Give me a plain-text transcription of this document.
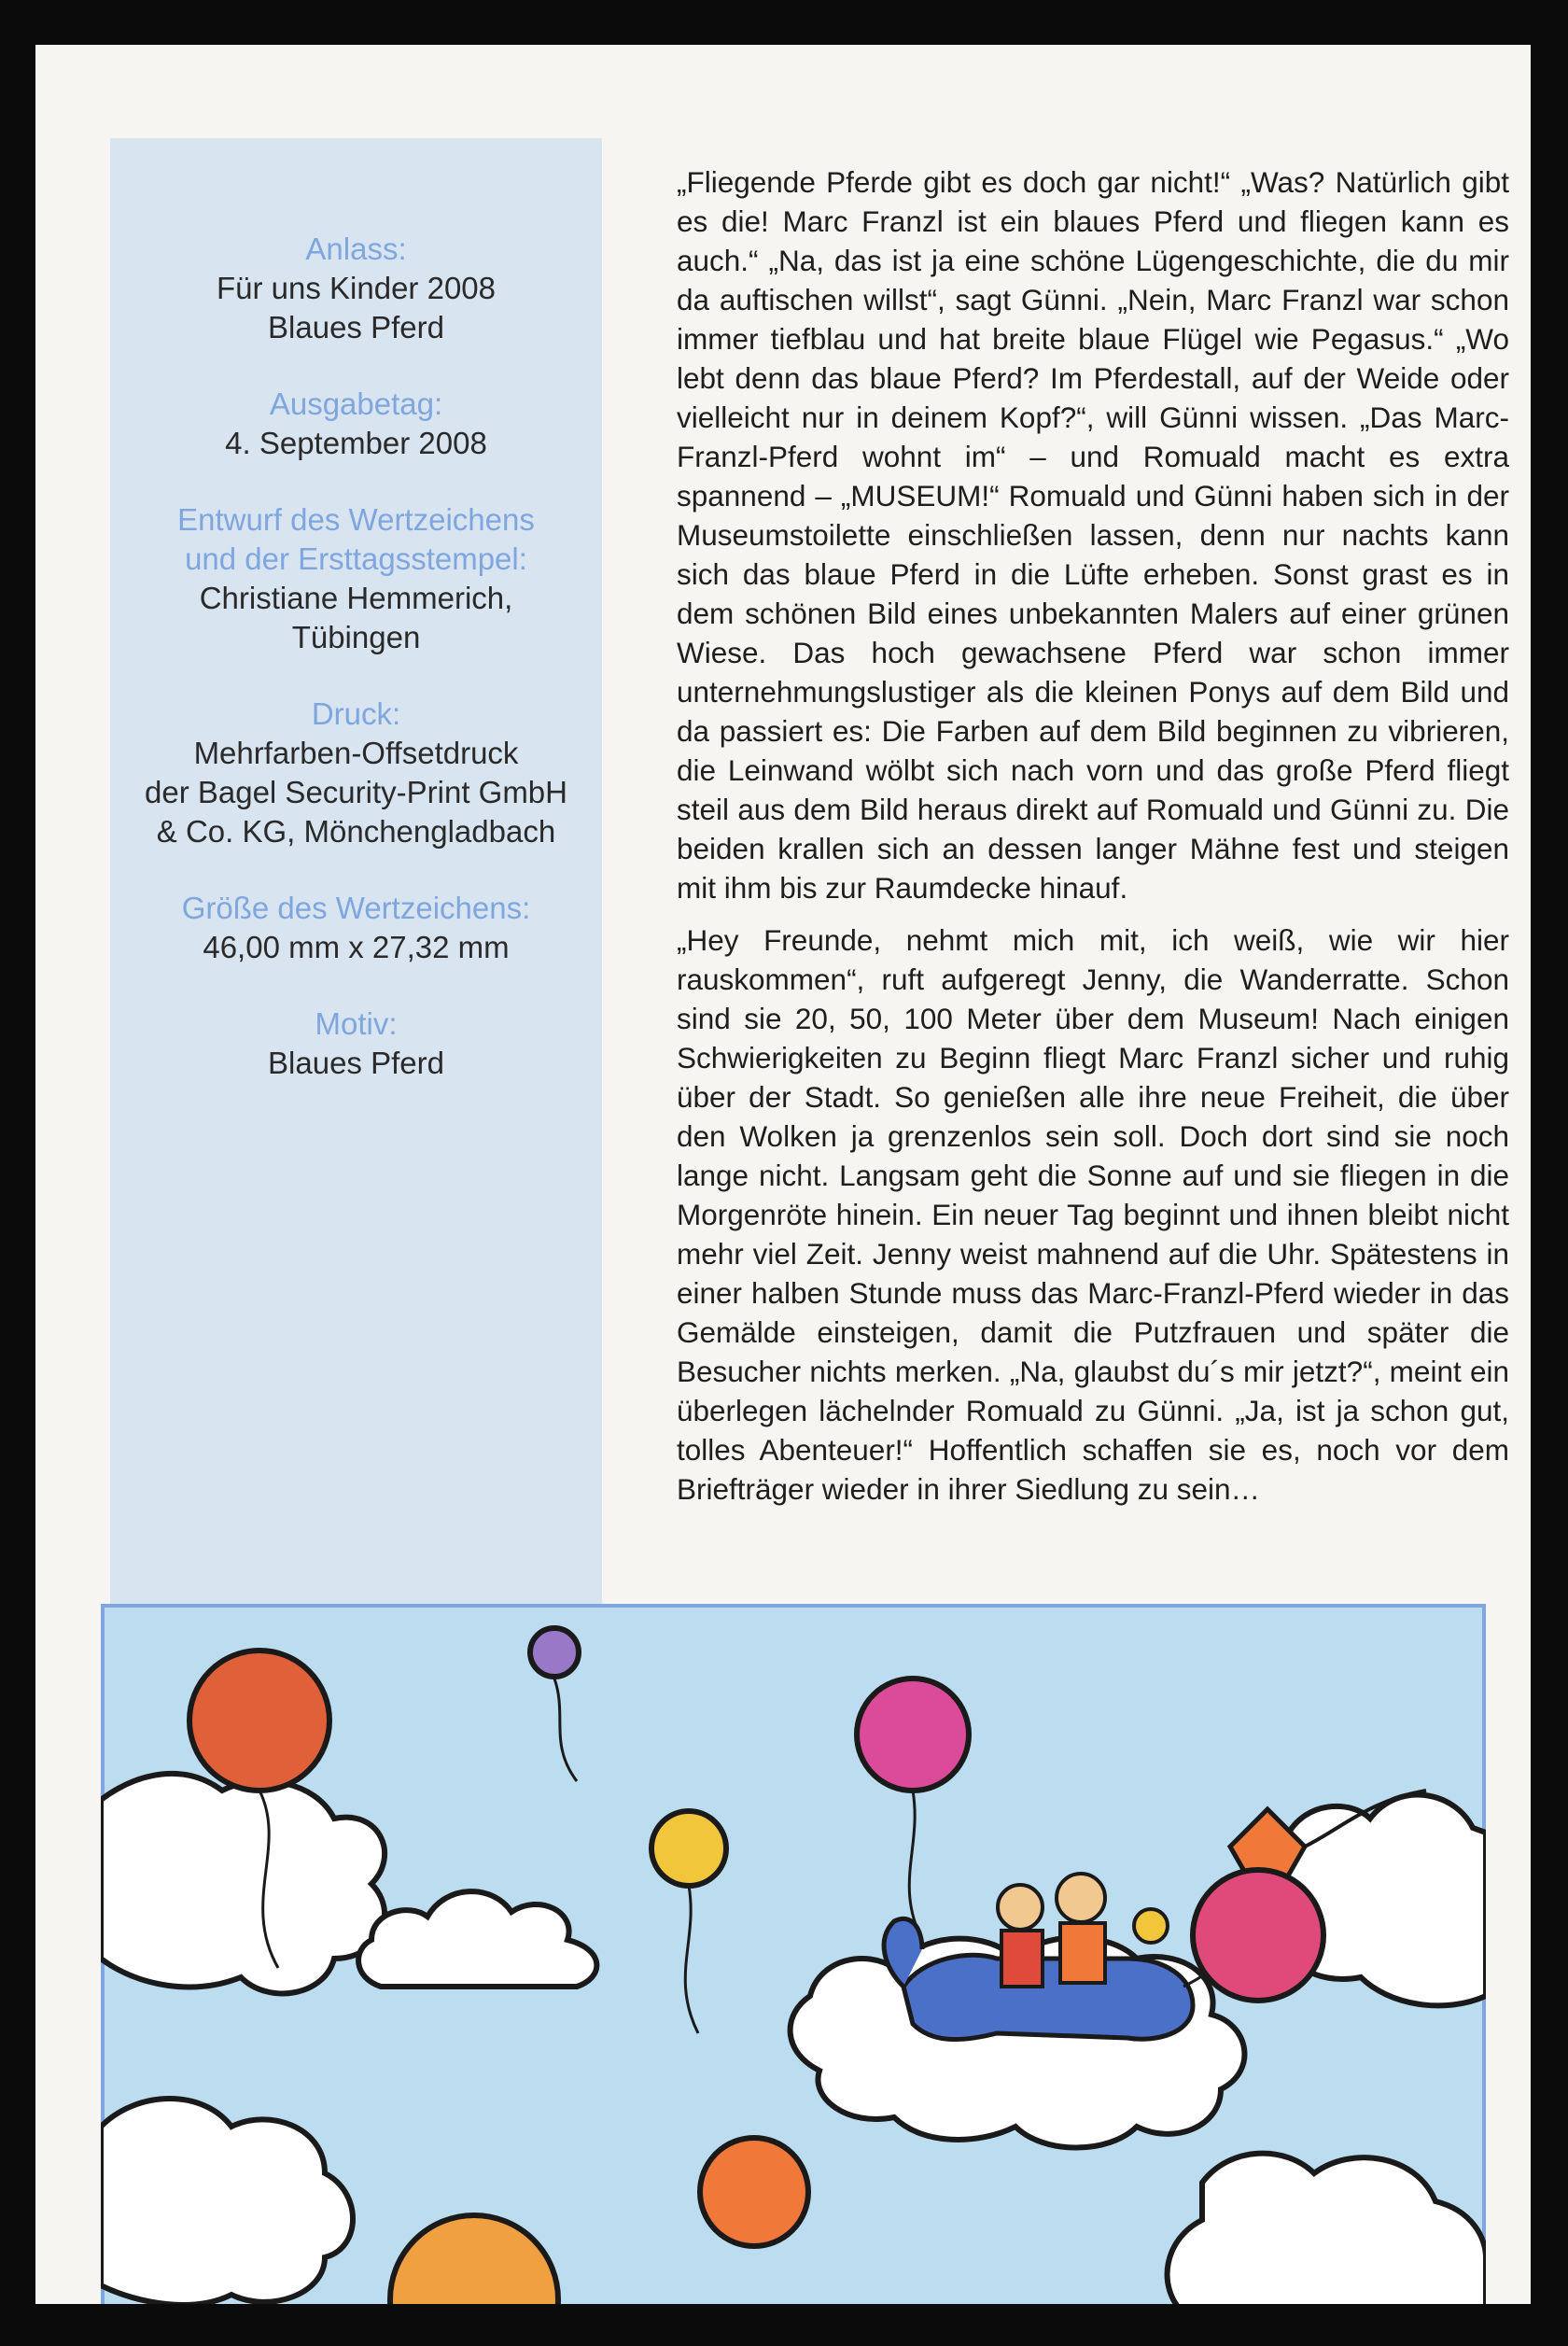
Anlass:
Für uns Kinder 2008
Blaues Pferd
Ausgabetag:
4. September 2008
Entwurf des Wertzeichens
und der Ersttagsstempel:
Christiane Hemmerich,
Tübingen
Druck:
Mehrfarben-Offsetdruck
der Bagel Security-Print GmbH
& Co. KG, Mönchengladbach
Größe des Wertzeichens:
46,00 mm x 27,32 mm
Motiv:
Blaues Pferd

„Fliegende Pferde gibt es doch gar nicht!“ „Was? Natürlich gibt es die! Marc Franzl ist ein blaues Pferd und fliegen kann es auch.“ „Na, das ist ja eine schöne Lügengeschichte, die du mir da auftischen willst“, sagt Günni. „Nein, Marc Franzl war schon immer tiefblau und hat breite blaue Flügel wie Pegasus.“ „Wo lebt denn das blaue Pferd? Im Pferdestall, auf der Weide oder vielleicht nur in deinem Kopf?“, will Günni wissen. „Das Marc-Franzl-Pferd wohnt im“ – und Romuald macht es extra spannend – „MUSEUM!“ Romuald und Günni haben sich in der Museumstoilette einschließen lassen, denn nur nachts kann sich das blaue Pferd in die Lüfte erheben. Sonst grast es in dem schönen Bild eines unbekannten Malers auf einer grünen Wiese. Das hoch gewachsene Pferd war schon immer unternehmungslustiger als die kleinen Ponys auf dem Bild und da passiert es: Die Farben auf dem Bild beginnen zu vibrieren, die Leinwand wölbt sich nach vorn und das große Pferd fliegt steil aus dem Bild heraus direkt auf Romuald und Günni zu. Die beiden krallen sich an dessen langer Mähne fest und steigen mit ihm bis zur Raumdecke hinauf.

„Hey Freunde, nehmt mich mit, ich weiß, wie wir hier rauskommen“, ruft aufgeregt Jenny, die Wanderratte. Schon sind sie 20, 50, 100 Meter über dem Museum! Nach einigen Schwierigkeiten zu Beginn fliegt Marc Franzl sicher und ruhig über der Stadt. So genießen alle ihre neue Freiheit, die über den Wolken ja grenzenlos sein soll. Doch dort sind sie noch lange nicht. Langsam geht die Sonne auf und sie fliegen in die Morgenröte hinein. Ein neuer Tag beginnt und ihnen bleibt nicht mehr viel Zeit. Jenny weist mahnend auf die Uhr. Spätestens in einer halben Stunde muss das Marc-Franzl-Pferd wieder in das Gemälde einsteigen, damit die Putzfrauen und später die Besucher nichts merken. „Na, glaubst du´s mir jetzt?“, meint ein überlegen lächelnder Romuald zu Günni. „Ja, ist ja schon gut, tolles Abenteuer!“ Hoffentlich schaffen sie es, noch vor dem Briefträger wieder in ihrer Siedlung zu sein…
